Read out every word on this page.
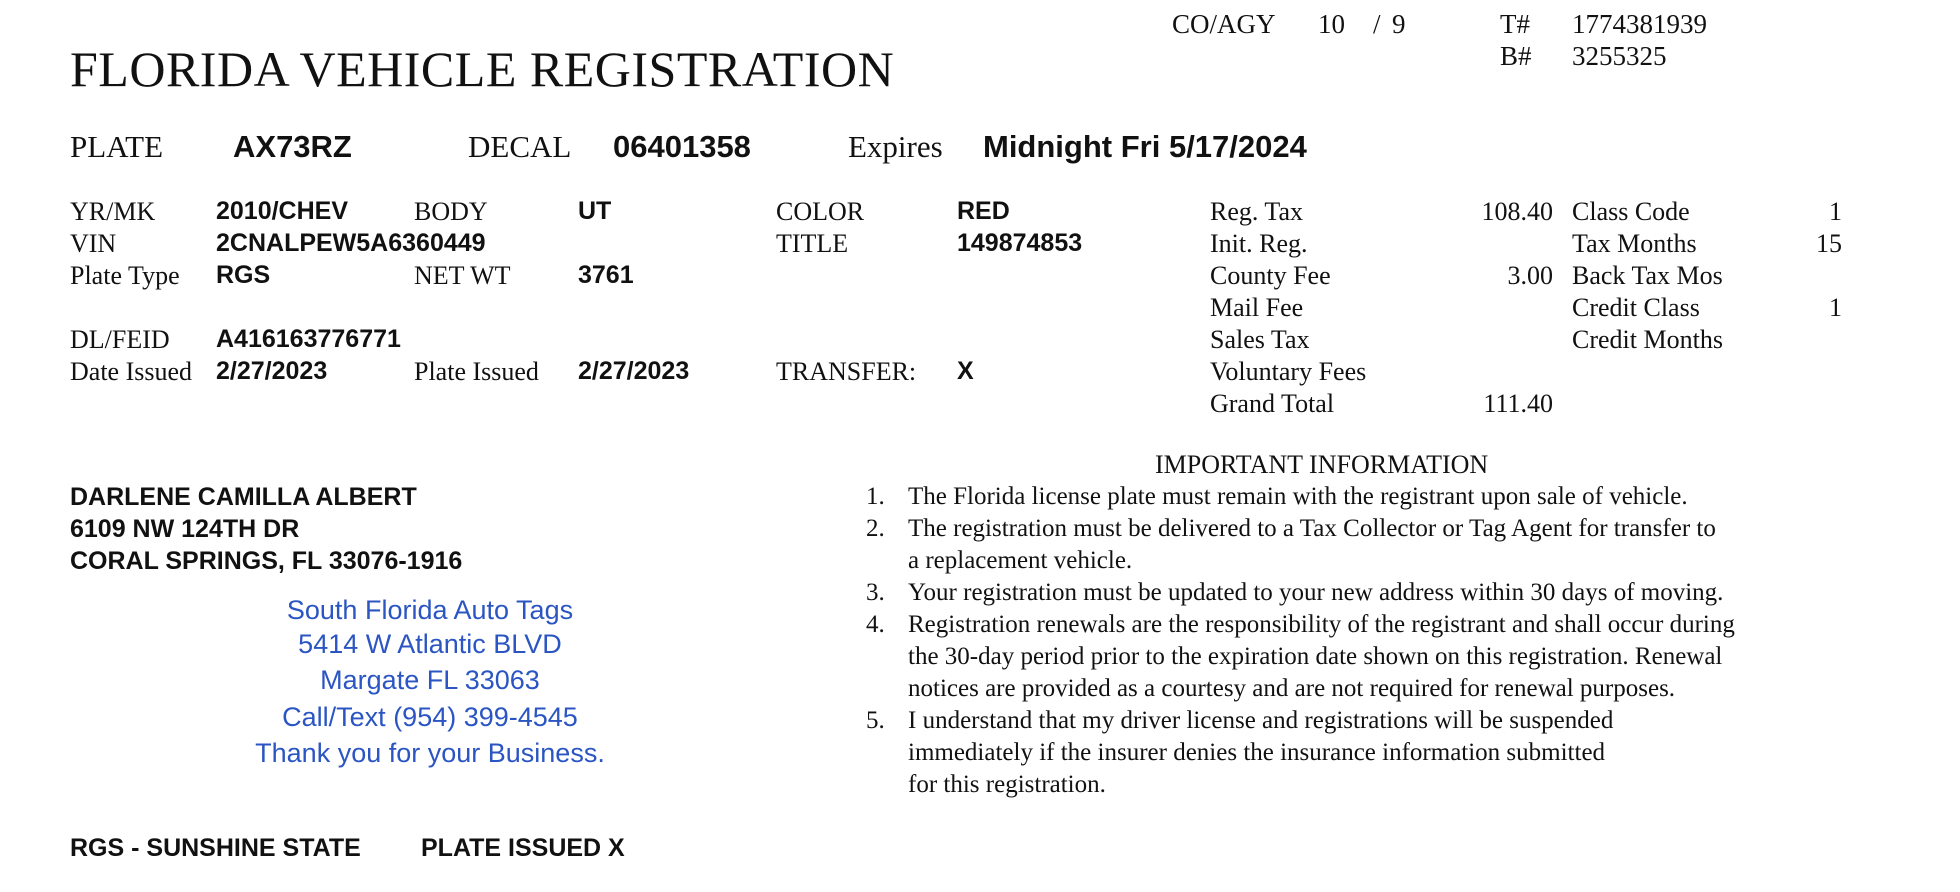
CO/AGY 10 / 9	T# 1774381939
B# 3255325
FLORIDA VEHICLE REGISTRATION
PLATE AX73RZ	DECAL 06401358	Expires Midnight Fri 5/17/2024
YR/MK 2010/CHEV	BODY	UT	COLOR	RED
VIN	2CNALPEW5A6360449	TITLE	149874853
Plate Type RGS	NET WT	3761
DL/FEID A416163776771
Date Issued 2/27/2023	Plate Issued 2/27/2023	TRANSFER: X
Reg. Tax	108.40
Init. Reg.
County Fee	3.00
Mail Fee
Sales Tax
Voluntary Fees
Grand Total	111.40
Class Code	1
Tax Months	15
Back Tax Mos
Credit Class	1
Credit Months
DARLENE CAMILLA ALBERT
6109 NW 124TH DR
CORAL SPRINGS, FL 33076-1916
South Florida Auto Tags
5414 W Atlantic BLVD
Margate FL 33063
Call/Text (954) 399-4545
Thank you for your Business.
IMPORTANT INFORMATION
1. The Florida license plate must remain with the registrant upon sale of vehicle.
2. The registration must be delivered to a Tax Collector or Tag Agent for transfer to
a replacement vehicle.
3. Your registration must be updated to your new address within 30 days of moving.
4. Registration renewals are the responsibility of the registrant and shall occur during
the 30-day period prior to the expiration date shown on this registration. Renewal
notices are provided as a courtesy and are not required for renewal purposes.
5. I understand that my driver license and registrations will be suspended
immediately if the insurer denies the insurance information submitted
for this registration.
RGS - SUNSHINE STATE PLATE ISSUED X
